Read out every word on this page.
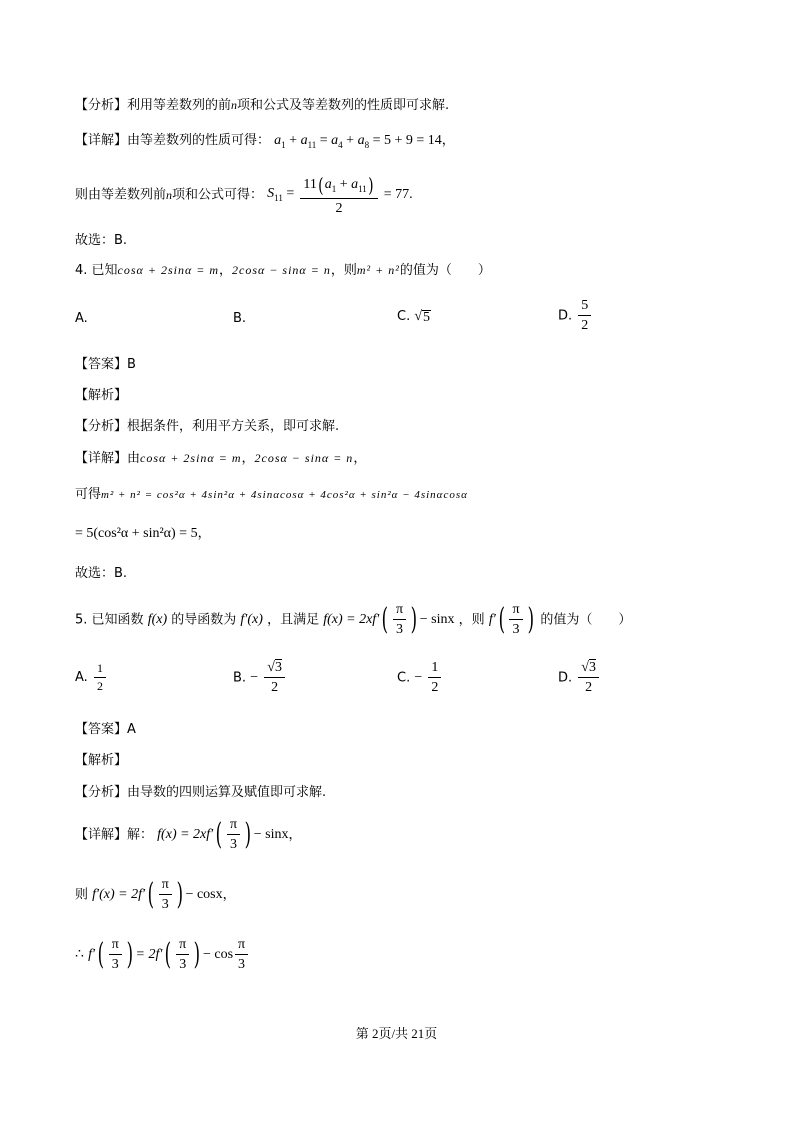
【分析】利用等差数列的前n项和公式及等差数列的性质即可求解.
【详解】由等差数列的性质可得： $a_1 + a_{11} = a_4 + a_8 = 5 + 9 = 14$，
则由等差数列前n项和公式可得： $S_{11} = \frac{11(a_1 + a_{11})}{2} = 77$.
故选：B.
4. 已知cosα + 2sinα = m，2cosα − sinα = n，则m² + n²的值为（　　）
A.	B.	C. √ 5	D. $\frac{5}{2}$
【答案】B
【解析】
【分析】根据条件，利用平方关系，即可求解.
【详解】由cosα + 2sinα = m，2cosα − sinα = n，
可得m² + n² = cos²α + 4sin²α + 4sinαcosα + 4cos²α + sin²α − 4sinαcosα
= 5(cos²α + sin²α) = 5，
故选：B.
5. 已知函数 f(x) 的导函数为 f′(x) ，且满足 $f(x) = 2xf'( \frac{\pi}{3}$ ) − sinx ，则 $f'( \frac{\pi}{3}$ ) 的值为（　　）
A. $\frac{1}{2}$	B. − $\frac{√3}{2}$	C. − $\frac{1}{2}$	D. $\frac{√3}{2}$
【答案】A
【解析】
【分析】由导数的四则运算及赋值即可求解.
【详解】解： $f(x) = 2xf'( \frac{\pi}{3}$ ) − sinx，
则 $f'(x) = 2f'( \frac{\pi}{3}$ ) − cosx，
∴ $f'( \frac{\pi}{3}$ ) = $2f'( \frac{\pi}{3}$ ) − $\cos \frac{\pi}{3}$
第 2页/共 21页
